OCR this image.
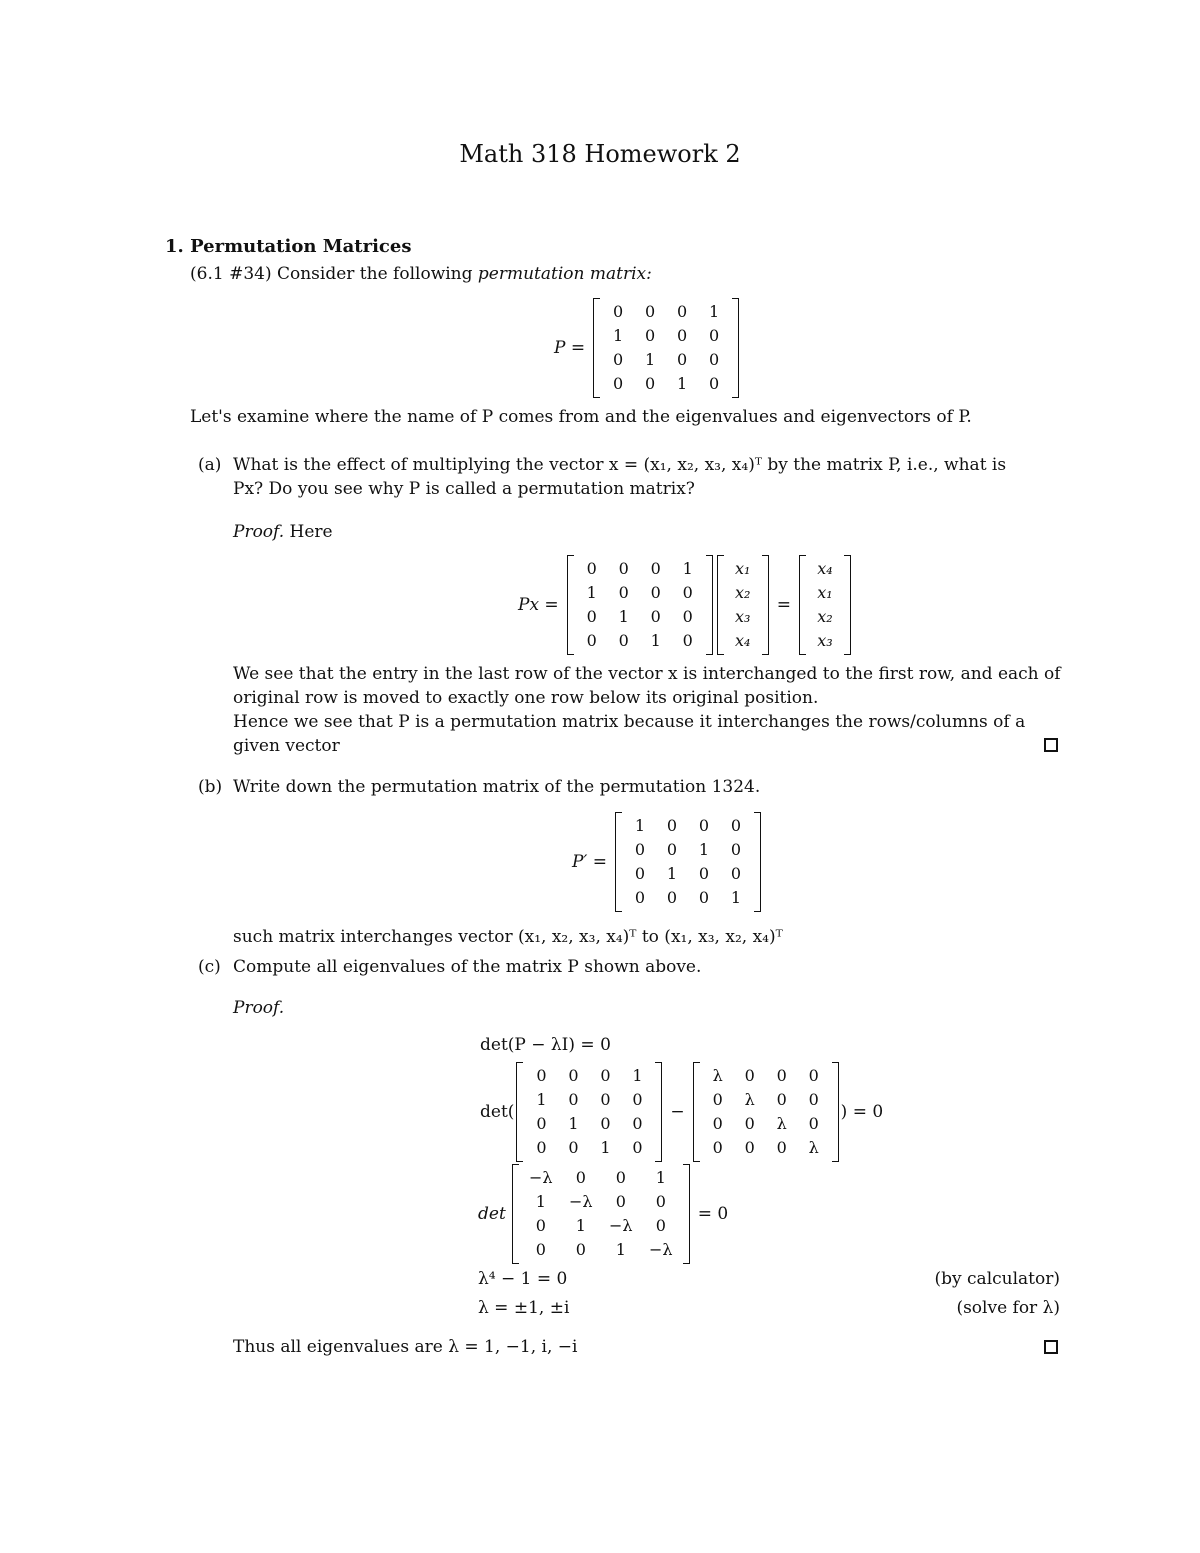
Math 318 Homework 2
1. Permutation Matrices
(6.1 #34) Consider the following permutation matrix:
P =
0	0	0	1
1	0	0	0
0	1	0	0
0	0	1	0
Let's examine where the name of P comes from and the eigenvalues and eigenvectors of P.
(a) What is the effect of multiplying the vector x = (x₁, x₂, x₃, x₄)ᵀ by the matrix P, i.e., what is
Px? Do you see why P is called a permutation matrix?
Proof. Here
Px =
0	0	0	1
1	0	0	0
0	1	0	0
0	0	1	0
x₁
x₂
x₃
x₄
=
x₄
x₁
x₂
x₃
We see that the entry in the last row of the vector x is interchanged to the first row, and each of
original row is moved to exactly one row below its original position.
Hence we see that P is a permutation matrix because it interchanges the rows/columns of a
given vector
(b) Write down the permutation matrix of the permutation 1324.
P′ =
1	0	0	0
0	0	1	0
0	1	0	0
0	0	0	1
such matrix interchanges vector (x₁, x₂, x₃, x₄)ᵀ to (x₁, x₃, x₂, x₄)ᵀ
(c) Compute all eigenvalues of the matrix P shown above.
Proof.
det(P − λI) = 0
det(
0	0	0	1
1	0	0	0
0	1	0	0
0	0	1	0
−
λ	0	0	0
0	λ	0	0
0	0	λ	0
0	0	0	λ
) = 0
det
−λ	0	0	1
1	−λ	0	0
0	1	−λ	0
0	0	1	−λ
= 0
λ⁴ − 1 = 0	(by calculator)
λ = ±1, ±i	(solve for λ)
Thus all eigenvalues are λ = 1, −1, i, −i
